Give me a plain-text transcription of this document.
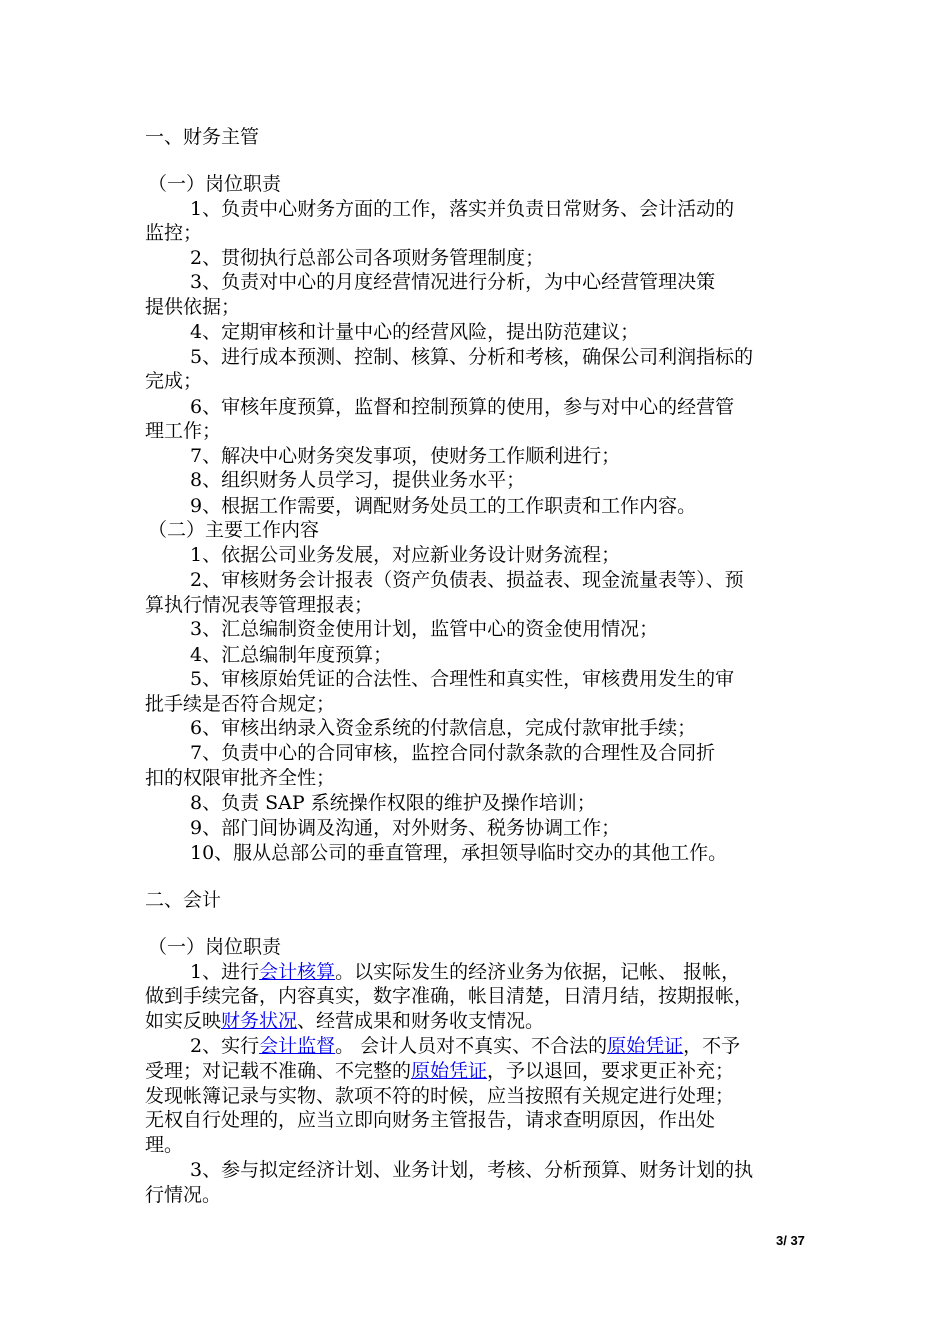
一、财务主管
（一）岗位职责
1、负责中心财务方面的工作，落实并负责日常财务、会计活动的
监控；
2、贯彻执行总部公司各项财务管理制度；
3、负责对中心的月度经营情况进行分析，为中心经营管理决策
提供依据；
4、定期审核和计量中心的经营风险，提出防范建议；
5、进行成本预测、控制、核算、分析和考核，确保公司利润指标的
完成；
6、审核年度预算，监督和控制预算的使用，参与对中心的经营管
理工作；
7、解决中心财务突发事项，使财务工作顺利进行；
8、组织财务人员学习，提供业务水平；
9、根据工作需要，调配财务处员工的工作职责和工作内容。
（二）主要工作内容
1、依据公司业务发展，对应新业务设计财务流程；
2、审核财务会计报表（资产负债表、损益表、现金流量表等）、预
算执行情况表等管理报表；
3、汇总编制资金使用计划，监管中心的资金使用情况；
4、汇总编制年度预算；
5、审核原始凭证的合法性、合理性和真实性，审核费用发生的审
批手续是否符合规定；
6、审核出纳录入资金系统的付款信息，完成付款审批手续；
7、负责中心的合同审核，监控合同付款条款的合理性及合同折
扣的权限审批齐全性；
8、负责 SAP 系统操作权限的维护及操作培训；
9、部门间协调及沟通，对外财务、税务协调工作；
10、服从总部公司的垂直管理，承担领导临时交办的其他工作。
二、会计
（一）岗位职责
1、进行会计核算。以实际发生的经济业务为依据，记帐、 报帐，
做到手续完备，内容真实，数字准确，帐目清楚，日清月结，按期报帐，
如实反映财务状况、经营成果和财务收支情况。
2、实行会计监督。 会计人员对不真实、不合法的原始凭证，不予
受理；对记载不准确、不完整的原始凭证，予以退回，要求更正补充；
发现帐簿记录与实物、款项不符的时候，应当按照有关规定进行处理；
无权自行处理的，应当立即向财务主管报告，请求查明原因，作出处
理。
3、参与拟定经济计划、业务计划，考核、分析预算、财务计划的执
行情况。
3/ 37
